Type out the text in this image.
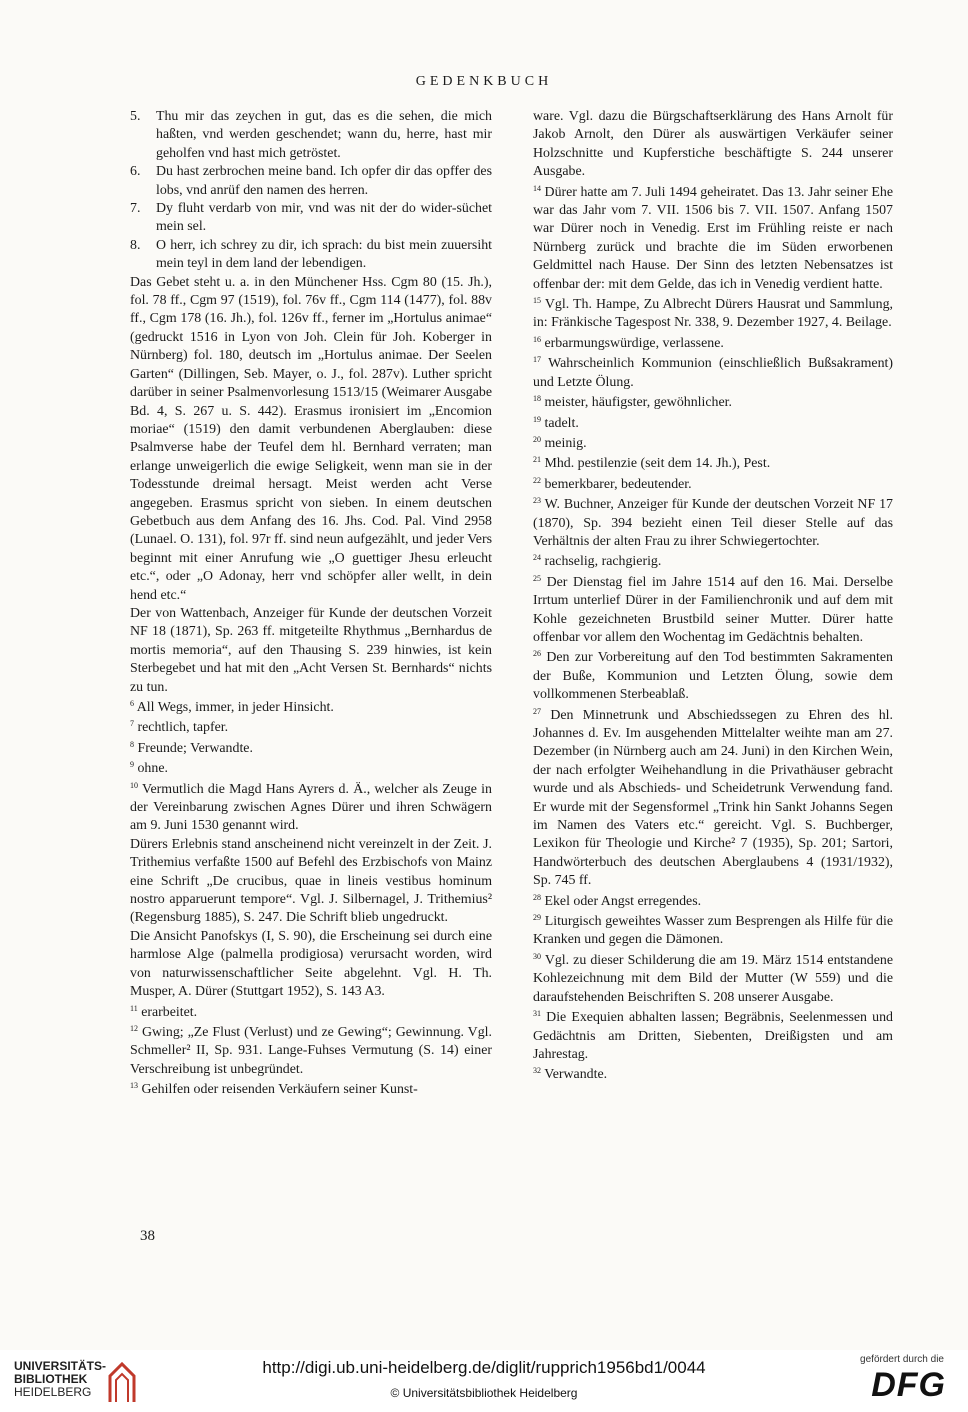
GEDENKBUCH
5. Thu mir das zeychen in gut, das es die sehen, die mich haßten, vnd werden geschendet; wann du, herre, hast mir geholfen vnd hast mich getröstet.
6. Du hast zerbrochen meine band. Ich opfer dir das opffer des lobs, vnd anrüf den namen des herren.
7. Dy fluht verdarb von mir, vnd was nit der do wider-süchet mein sel.
8. O herr, ich schrey zu dir, ich sprach: du bist mein zuuersiht mein teyl in dem land der lebendigen.

Das Gebet steht u. a. in den Münchener Hss. Cgm 80 (15. Jh.), fol. 78 ff., Cgm 97 (1519), fol. 76v ff., Cgm 114 (1477), fol. 88v ff., Cgm 178 (16. Jh.), fol. 126v ff., ferner im „Hortulus animae“ (gedruckt 1516 in Lyon von Joh. Clein für Joh. Koberger in Nürnberg) fol. 180, deutsch im „Hortulus animae. Der Seelen Garten“ (Dillingen, Seb. Mayer, o. J., fol. 287v). Luther spricht darüber in seiner Psalmenvorlesung 1513/15 (Weimarer Ausgabe Bd. 4, S. 267 u. S. 442). Erasmus ironisiert im „Encomion moriae“ (1519) den damit verbundenen Aberglauben: diese Psalmverse habe der Teufel dem hl. Bernhard verraten; man erlange unweigerlich die ewige Seligkeit, wenn man sie in der Todesstunde dreimal hersagt. Meist werden acht Verse angegeben. Erasmus spricht von sieben. In einem deutschen Gebetbuch aus dem Anfang des 16. Jhs. Cod. Pal. Vind 2958 (Lunael. O. 131), fol. 97r ff. sind neun aufgezählt, und jeder Vers beginnt mit einer Anrufung wie „O guettiger Jhesu erleucht etc.“, oder „O Adonay, herr vnd schöpfer aller wellt, in dein hend etc.“

Der von Wattenbach, Anzeiger für Kunde der deutschen Vorzeit NF 18 (1871), Sp. 263 ff. mitgeteilte Rhythmus „Bernhardus de mortis memoria“, auf den Thausing S. 239 hinwies, ist kein Sterbegebet und hat mit den „Acht Versen St. Bernhards“ nichts zu tun.

$^6$ All Wegs, immer, in jeder Hinsicht.

$^7$ rechtlich, tapfer.

$^8$ Freunde; Verwandte.

$^9$ ohne.

$^{10}$ Vermutlich die Magd Hans Ayrers d. Ä., welcher als Zeuge in der Vereinbarung zwischen Agnes Dürer und ihren Schwägern am 9. Juni 1530 genannt wird.

Dürers Erlebnis stand anscheinend nicht vereinzelt in der Zeit. J. Trithemius verfaßte 1500 auf Befehl des Erzbischofs von Mainz eine Schrift „De crucibus, quae in lineis vestibus hominum nostro apparuerunt tempore“. Vgl. J. Silbernagel, J. Trithemius² (Regensburg 1885), S. 247. Die Schrift blieb ungedruckt.

Die Ansicht Panofskys (I, S. 90), die Erscheinung sei durch eine harmlose Alge (palmella prodigiosa) verursacht worden, wird von naturwissenschaftlicher Seite abgelehnt. Vgl. H. Th. Musper, A. Dürer (Stuttgart 1952), S. 143 A3.

$^{11}$ erarbeitet.

$^{12}$ Gwing; „Ze Flust (Verlust) und ze Gewing“; Gewinnung. Vgl. Schmeller² II, Sp. 931. Lange-Fuhses Vermutung (S. 14) einer Verschreibung ist unbegründet.

$^{13}$ Gehilfen oder reisenden Verkäufern seiner Kunst-

ware. Vgl. dazu die Bürgschaftserklärung des Hans Arnolt für Jakob Arnolt, den Dürer als auswärtigen Verkäufer seiner Holzschnitte und Kupferstiche beschäftigte S. 244 unserer Ausgabe.

$^{14}$ Dürer hatte am 7. Juli 1494 geheiratet. Das 13. Jahr seiner Ehe war das Jahr vom 7. VII. 1506 bis 7. VII. 1507. Anfang 1507 war Dürer noch in Venedig. Erst im Frühling reiste er nach Nürnberg zurück und brachte die im Süden erworbenen Geldmittel nach Hause. Der Sinn des letzten Nebensatzes ist offenbar der: mit dem Gelde, das ich in Venedig verdient hatte.

$^{15}$ Vgl. Th. Hampe, Zu Albrecht Dürers Hausrat und Sammlung, in: Fränkische Tagespost Nr. 338, 9. Dezember 1927, 4. Beilage.

$^{16}$ erbarmungswürdige, verlassene.

$^{17}$ Wahrscheinlich Kommunion (einschließlich Bußsakrament) und Letzte Ölung.

$^{18}$ meister, häufigster, gewöhnlicher.

$^{19}$ tadelt.

$^{20}$ meinig.

$^{21}$ Mhd. pestilenzie (seit dem 14. Jh.), Pest.

$^{22}$ bemerkbarer, bedeutender.

$^{23}$ W. Buchner, Anzeiger für Kunde der deutschen Vorzeit NF 17 (1870), Sp. 394 bezieht einen Teil dieser Stelle auf das Verhältnis der alten Frau zu ihrer Schwiegertochter.

$^{24}$ rachselig, rachgierig.

$^{25}$ Der Dienstag fiel im Jahre 1514 auf den 16. Mai. Derselbe Irrtum unterlief Dürer in der Familienchronik und auf dem mit Kohle gezeichneten Brustbild seiner Mutter. Dürer hatte offenbar vor allem den Wochentag im Gedächtnis behalten.

$^{26}$ Den zur Vorbereitung auf den Tod bestimmten Sakramenten der Buße, Kommunion und Letzten Ölung, sowie dem vollkommenen Sterbeablaß.

$^{27}$ Den Minnetrunk und Abschiedssegen zu Ehren des hl. Johannes d. Ev. Im ausgehenden Mittelalter weihte man am 27. Dezember (in Nürnberg auch am 24. Juni) in den Kirchen Wein, der nach erfolgter Weihehandlung in die Privathäuser gebracht wurde und als Abschieds- und Scheidetrunk Verwendung fand. Er wurde mit der Segensformel „Trink hin Sankt Johanns Segen im Namen des Vaters etc.“ gereicht. Vgl. S. Buchberger, Lexikon für Theologie und Kirche² 7 (1935), Sp. 201; Sartori, Handwörterbuch des deutschen Aberglaubens 4 (1931/1932), Sp. 745 ff.

$^{28}$ Ekel oder Angst erregendes.

$^{29}$ Liturgisch geweihtes Wasser zum Besprengen als Hilfe für die Kranken und gegen die Dämonen.

$^{30}$ Vgl. zu dieser Schilderung die am 19. März 1514 entstandene Kohlezeichnung mit dem Bild der Mutter (W 559) und die daraufstehenden Beischriften S. 208 unserer Ausgabe.

$^{31}$ Die Exequien abhalten lassen; Begräbnis, Seelenmessen und Gedächtnis am Dritten, Siebenten, Dreißigsten und am Jahrestag.

$^{32}$ Verwandte.

38
UNIVERSITÄTS-
BIBLIOTHEK
HEIDELBERG
http://digi.ub.uni-heidelberg.de/diglit/rupprich1956bd1/0044
© Universitätsbibliothek Heidelberg
gefördert durch die
DFG
